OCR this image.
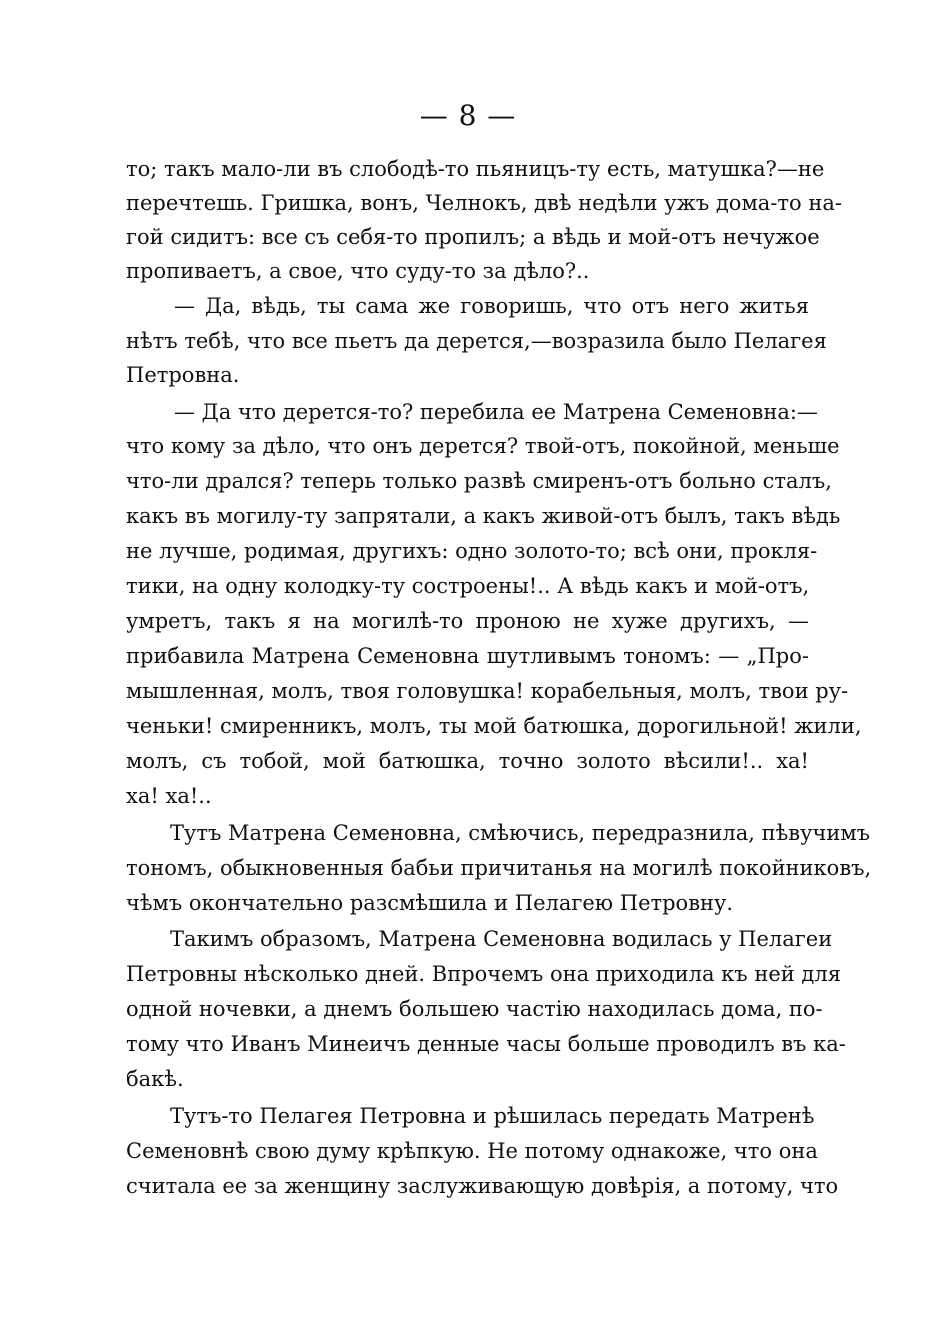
— 8 —
то; такъ мало-ли въ слободѣ-то пьяницъ-ту есть, матушка?—не
перечтешь. Гришка, вонъ, Челнокъ, двѣ недѣли ужъ дома-то на-
гой сидитъ: все съ себя-то пропилъ; а вѣдь и мой-отъ нечужое
пропиваетъ, а свое, что суду-то за дѣло?..
— Да, вѣдь, ты сама же говоришь, что отъ него житья
нѣтъ тебѣ, что все пьетъ да дерется,—возразила было Пелагея
Петровна.
— Да что дерется-то? перебила ее Матрена Семеновна:—
что кому за дѣло, что онъ дерется? твой-отъ, покойной, меньше
что-ли дрался? теперь только развѣ смиренъ-отъ больно сталъ,
какъ въ могилу-ту запрятали, а какъ живой-отъ былъ, такъ вѣдь
не лучше, родимая, другихъ: одно золото-то; всѣ они, прокля-
тики, на одну колодку-ту состроены!.. А вѣдь какъ и мой-отъ,
умретъ, такъ я на могилѣ-то проною не хуже другихъ, —
прибавила Матрена Семеновна шутливымъ тономъ: — „Про-
мышленная, молъ, твоя головушка! корабельныя, молъ, твои ру-
ченьки! смиренникъ, молъ, ты мой батюшка, дорогильной! жили,
молъ, съ тобой, мой батюшка, точно золото вѣсили!.. ха!
ха! ха!..
Тутъ Матрена Семеновна, смѣючись, передразнила, пѣвучимъ
тономъ, обыкновенныя бабьи причитанья на могилѣ покойниковъ,
чѣмъ окончательно разсмѣшила и Пелагею Петровну.
Такимъ образомъ, Матрена Семеновна водилась у Пелагеи
Петровны нѣсколько дней. Впрочемъ она приходила къ ней для
одной ночевки, а днемъ большею частію находилась дома, по-
тому что Иванъ Минеичъ денные часы больше проводилъ въ ка-
бакѣ.
Тутъ-то Пелагея Петровна и рѣшилась передать Матренѣ
Семеновнѣ свою думу крѣпкую. Не потому однакоже, что она
считала ее за женщину заслуживающую довѣрія, а потому, что
